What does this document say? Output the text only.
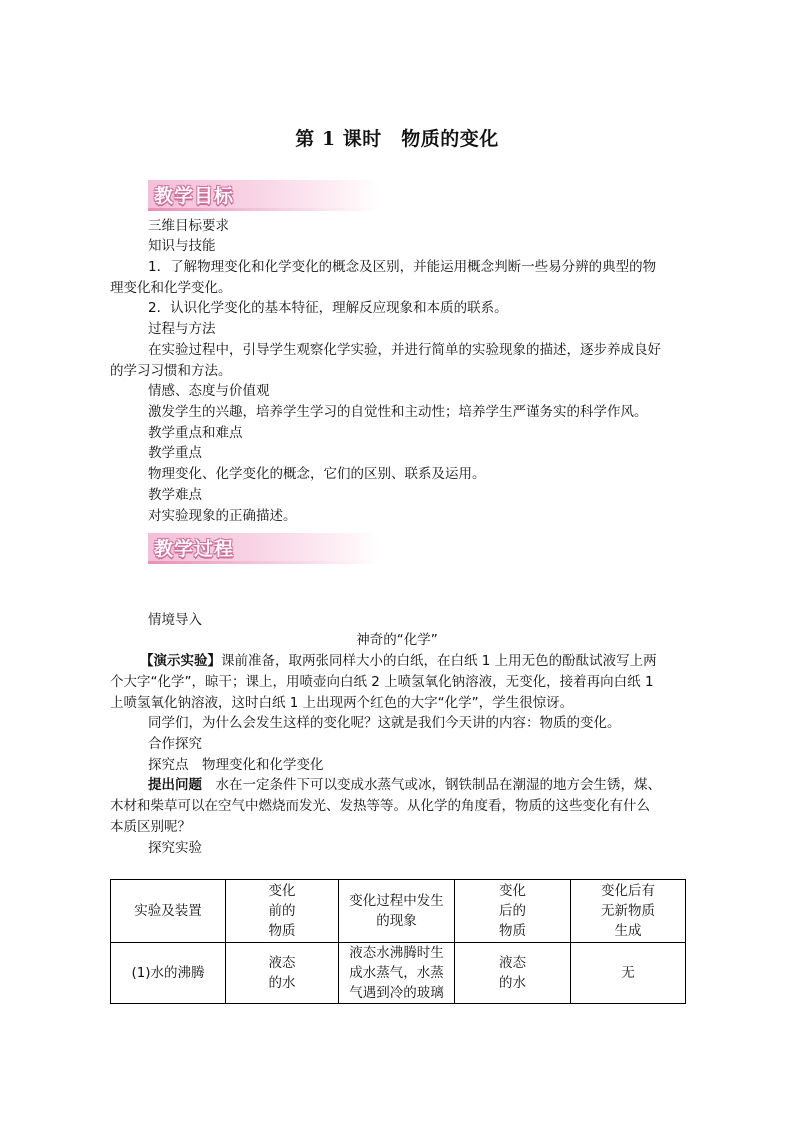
第 1 课时　物质的变化
教学目标
三维目标要求
知识与技能
1．了解物理变化和化学变化的概念及区别，并能运用概念判断一些易分辨的典型的物
理变化和化学变化。
2．认识化学变化的基本特征，理解反应现象和本质的联系。
过程与方法
在实验过程中，引导学生观察化学实验，并进行简单的实验现象的描述，逐步养成良好
的学习习惯和方法。
情感、态度与价值观
激发学生的兴趣，培养学生学习的自觉性和主动性；培养学生严谨务实的科学作风。
教学重点和难点
教学重点
物理变化、化学变化的概念，它们的区别、联系及运用。
教学难点
对实验现象的正确描述。
教学过程
情境导入
神奇的“化学”
【演示实验】课前准备，取两张同样大小的白纸，在白纸 1 上用无色的酚酞试液写上两
个大字“化学”，晾干；课上，用喷壶向白纸 2 上喷氢氧化钠溶液，无变化，接着再向白纸 1
上喷氢氧化钠溶液，这时白纸 1 上出现两个红色的大字“化学”，学生很惊讶。
同学们，为什么会发生这样的变化呢？这就是我们今天讲的内容：物质的变化。
合作探究
探究点　物理变化和化学变化
提出问题　水在一定条件下可以变成水蒸气或冰，钢铁制品在潮湿的地方会生锈，煤、
木材和柴草可以在空气中燃烧而发光、发热等等。从化学的角度看，物质的这些变化有什么
本质区别呢？
探究实验
实验及装置	变化
前的
物质	变化过程中发生
的现象	变化
后的
物质	变化后有
无新物质
生成
(1)水的沸腾	液态
的水	液态水沸腾时生
成水蒸气，水蒸
气遇到冷的玻璃	液态
的水	无
